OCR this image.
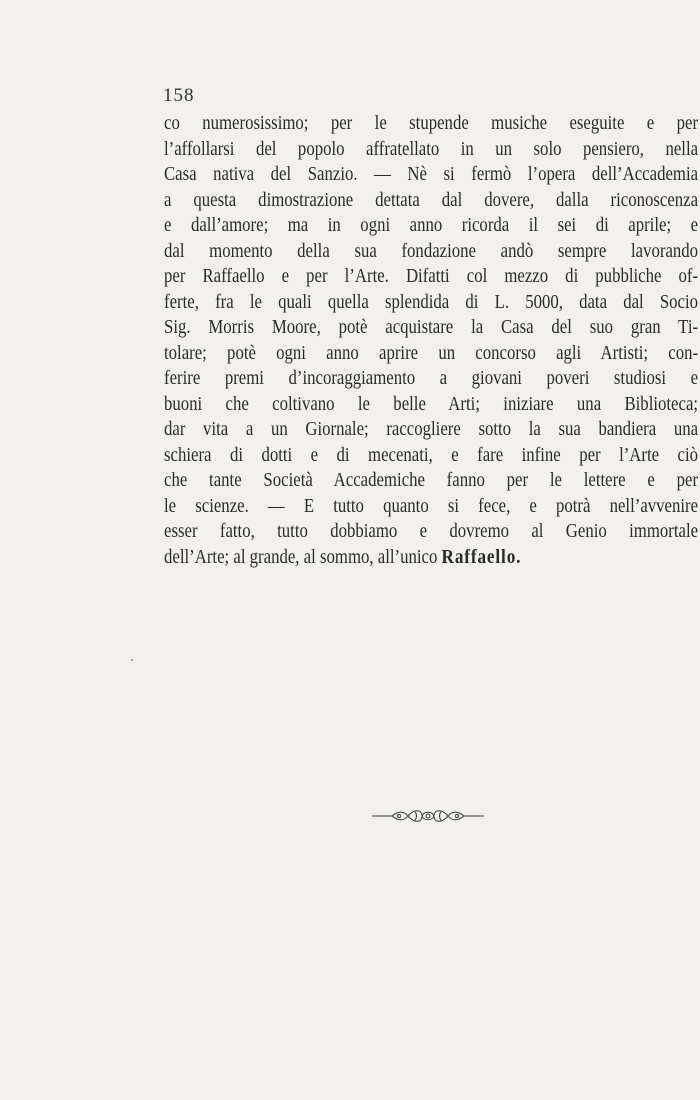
158
co numerosissimo; per le stupende musiche eseguite e per
l’affollarsi del popolo affratellato in un solo pensiero, nella
Casa nativa del Sanzio. — Nè si fermò l’opera dell’Accademia
a questa dimostrazione dettata dal dovere, dalla riconoscenza
e dall’amore; ma in ogni anno ricorda il sei di aprile; e
dal momento della sua fondazione andò sempre lavorando
per Raffaello e per l’Arte. Difatti col mezzo di pubbliche of-
ferte, fra le quali quella splendida di L. 5000, data dal Socio
Sig. Morris Moore, potè acquistare la Casa del suo gran Ti-
tolare; potè ogni anno aprire un concorso agli Artisti; con-
ferire premi d’incoraggiamento a giovani poveri studiosi e
buoni che coltivano le belle Arti; iniziare una Biblioteca;
dar vita a un Giornale; raccogliere sotto la sua bandiera una
schiera di dotti e di mecenati, e fare infine per l’Arte ciò
che tante Società Accademiche fanno per le lettere e per
le scienze. — E tutto quanto si fece, e potrà nell’avvenire
esser fatto, tutto dobbiamo e dovremo al Genio immortale
dell’Arte; al grande, al sommo, all’unico Raffaello.
